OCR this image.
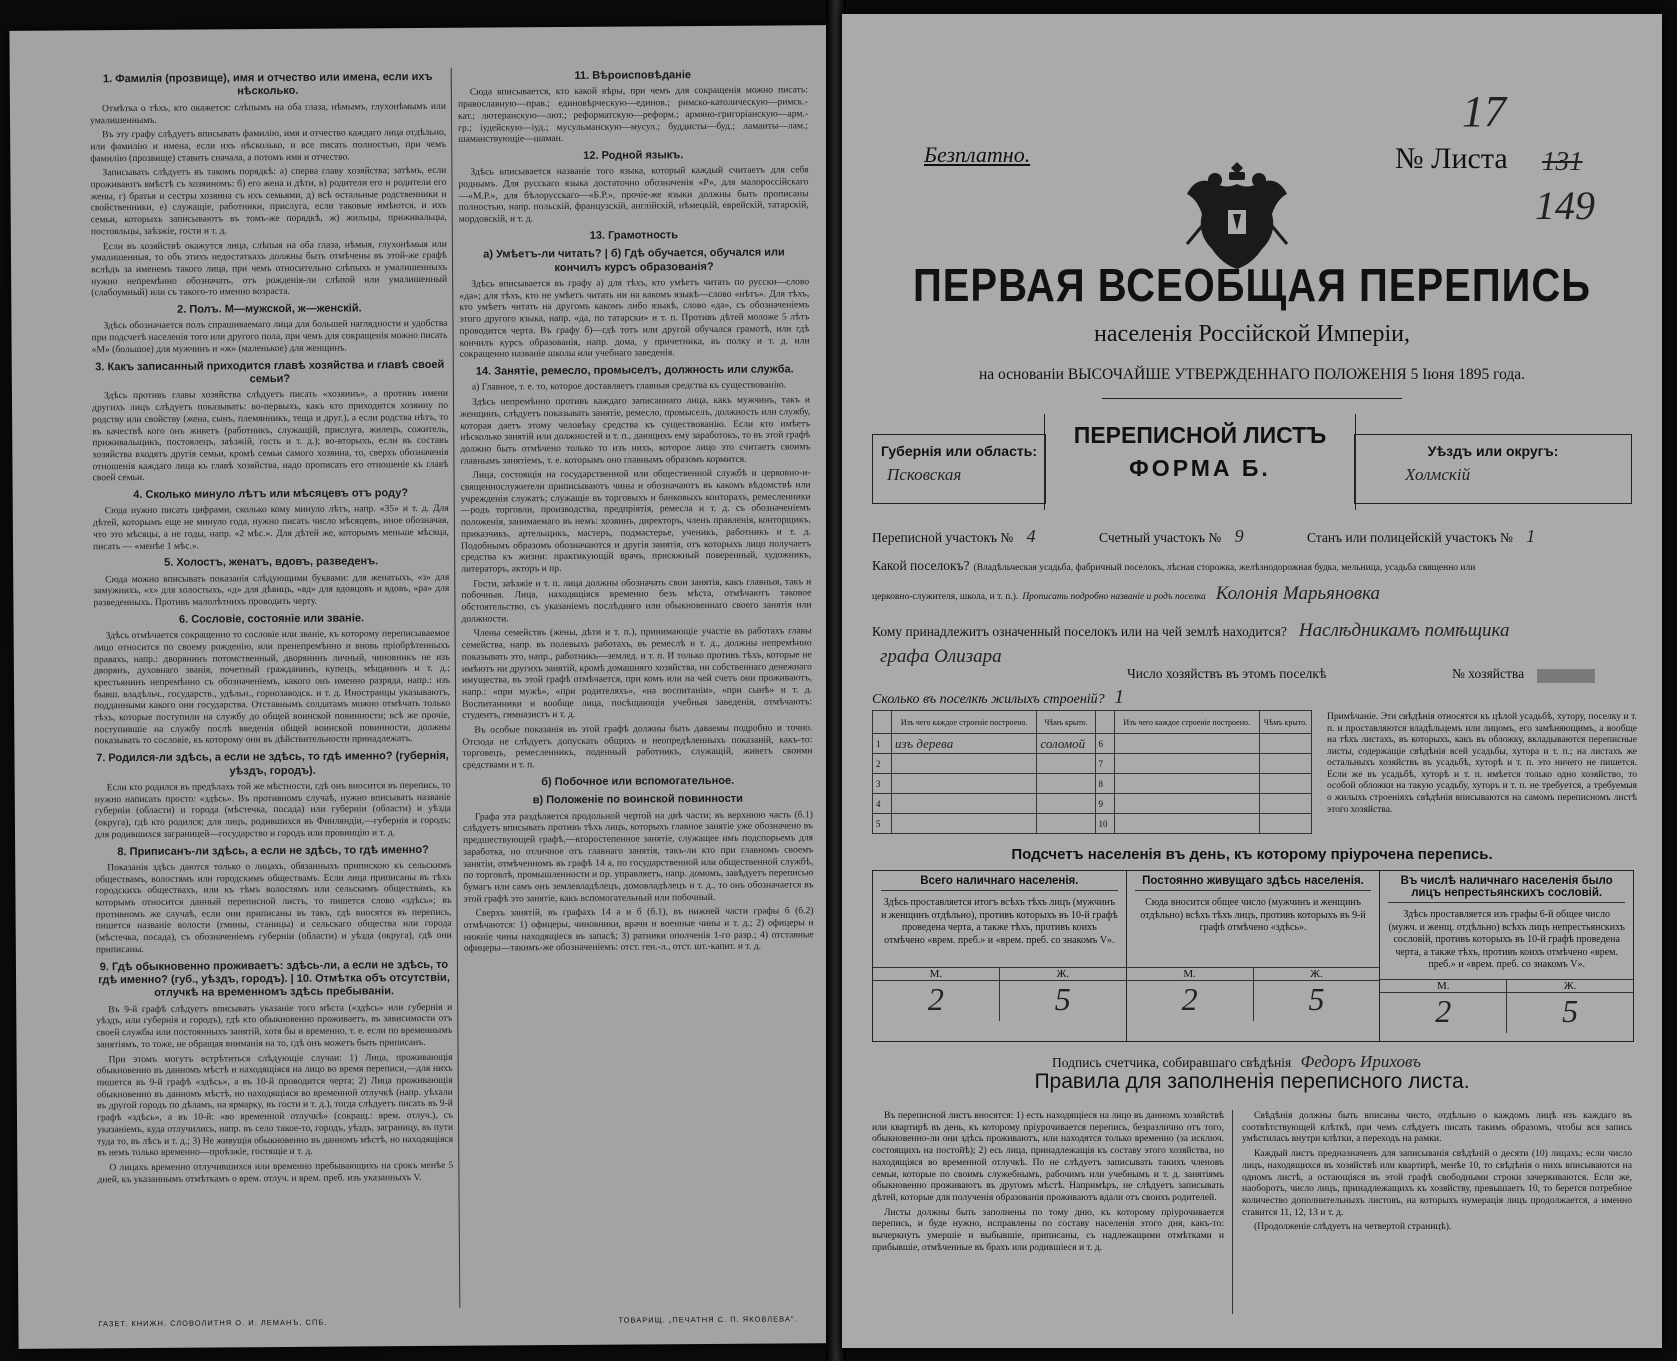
1. Фамилія (прозвище), имя и отчество или имена, если ихъ нѣсколько.

Отмѣтка о тѣхъ, кто окажется: слѣпымъ на оба глаза, нѣмымъ, глухонѣмымъ или умалишеннымъ.

Въ эту графу слѣдуетъ вписывать фамилію, имя и отчество каждаго лица отдѣльно, или фамилію и имена, если ихъ нѣсколько, и все писать полностью, при чемъ фамилію (прозвище) ставить сначала, а потомъ имя и отчество.

Записывать слѣдуетъ въ такомъ порядкѣ: а) сперва главу хозяйства; затѣмъ, если проживаютъ вмѣстѣ съ хозяиномъ: б) его жена и дѣти, в) родители его и родители его жены, г) братья и сестры хозяина съ ихъ семьями, д) всѣ остальные родственники и свойственники, е) служащіе, работники, прислуга, если таковые имѣются, и ихъ семьи, которыхъ записываютъ въ томъ-же порядкѣ, ж) жильцы, приживальцы, постояльцы, заѣзжіе, гости и т. д.

Если въ хозяйствѣ окажутся лица, слѣпыя на оба глаза, нѣмыя, глухонѣмыя или умалишенныя, то объ этихъ недостаткахъ должны быть отмѣчены въ этой-же графѣ вслѣдъ за именемъ такого лица, при чемъ относительно слѣпыхъ и умалишенныхъ нужно непремѣнно обозначать, отъ рожденія-ли слѣпой или умалишенный (слабоумный) или съ такого-то именно возраста.

2. Полъ. М—мужской, ж—женскій.

Здѣсь обозначается полъ спрашиваемаго лица для большей наглядности и удобства при подсчетѣ населенія того или другого пола, при чемъ для сокращенія можно писать «М» (большое) для мужчинъ и «ж» (маленькое) для женщинъ.

3. Какъ записанный приходится главѣ хозяйства и главѣ своей семьи?

Здѣсь противъ главы хозяйства слѣдуетъ писать «хозяинъ», а противъ имени другихъ лицъ слѣдуетъ показывать: во-первыхъ, какъ кто приходится хозяину по родству или свойству (жена, сынъ, племянникъ, теща и друг.), а если родства нѣтъ, то въ качествѣ кого онъ живетъ (работникъ, служащій, прислуга, жилецъ, сожитель, приживальщикъ, постоялецъ, заѣзжій, гость и т. д.); во-вторыхъ, если въ составъ хозяйства входятъ другія семьи, кромѣ семьи самого хозяина, то, сверхъ обозначенія отношенія каждаго лица къ главѣ хозяйства, надо прописать его отношеніе къ главѣ своей семьи.

4. Сколько минуло лѣтъ или мѣсяцевъ отъ роду?

Сюда нужно писать цифрами, сколько кому минуло лѣтъ, напр. «35» и т. д. Для дѣтей, которымъ еще не минуло года, нужно писать число мѣсяцевъ, иное обозначая, что это мѣсяцы, а не годы, напр. «2 мѣс.». Для дѣтей же, которымъ меньше мѣсяца, писать — «менѣе 1 мѣс.».

5. Холостъ, женатъ, вдовъ, разведенъ.

Сюда можно вписывать показанія слѣдующими буквами: для женатыхъ, «з» для замужнихъ, «х» для холостыхъ, «д» для дѣвицъ, «вд» для вдовцовъ и вдовъ, «ра» для разведенныхъ. Противъ малолѣтнихъ проводить черту.

6. Сословіе, состояніе или званіе.

Здѣсь отмѣчается сокращенно то сословіе или званіе, къ которому переписываемое лицо относится по своему рожденію, или пренепремѣнно и вновь пріобрѣтенныхъ правахъ, напр.: дворянинъ потомственный, дворянинъ личный, чиновникъ не изъ дворянъ, духовнаго званія, почетный гражданинъ, купецъ, мѣщанинъ и т. д.; крестьянинъ непремѣнно съ обозначеніемъ, какого онъ именно разряда, напр.: изъ бывш. владѣльч., государств., удѣльн., горнозаводск. и т. д. Иностранцы указываютъ, подданными какого они государства. Отставнымъ солдатамъ можно отмѣчать только тѣхъ, которые поступили на службу до общей воинской повинности; всѣ же прочіе, поступившіе на службу послѣ введенія общей воинской повинности, должны показывать то сословіе, къ которому они въ дѣйствительности принадлежатъ.

7. Родился-ли здѣсь, а если не здѣсь, то гдѣ именно? (губернія, уѣздъ, городъ).

Если кто родился въ предѣлахъ той же мѣстности, гдѣ онъ вносится въ перепись, то нужно написать просто: «здѣсь». Въ противномъ случаѣ, нужно вписывать названіе губерніи (области) и города (мѣстечка, посада) или губерніи (области) и уѣзда (округа), гдѣ кто родился; для лицъ, родившихся въ Финляндіи,—губернія и городъ; для родившихся заграницей—государство и городъ или провинцію и т. д.

8. Приписанъ-ли здѣсь, а если не здѣсь, то гдѣ именно?

Показанія здѣсь даются только о лицахъ, обязанныхъ припискою къ сельскимъ обществамъ, волостямъ или городскимъ обществамъ. Если лица приписаны въ тѣхъ городскихъ обществахъ, или къ тѣмъ волостямъ или сельскимъ обществамъ, къ которымъ относится данный переписной листъ, то пишется слово «здѣсь»; въ противномъ же случаѣ, если они приписаны въ такъ, гдѣ вносятся въ перепись, пишется названіе волости (гмины, станицы) и сельскаго общества или города (мѣстечка, посада), съ обозначеніемъ губерніи (области) и уѣзда (округа), гдѣ они приписаны.

9. Гдѣ обыкновенно проживаетъ: здѣсь-ли, а если не здѣсь, то гдѣ именно? (губ., уѣздъ, городъ). | 10. Отмѣтка объ отсутствіи, отлучкѣ на временномъ здѣсь пребываніи.

Въ 9-й графѣ слѣдуетъ вписывать указаніе того мѣста («здѣсь» или губернія и уѣздъ, или губернія и городъ), гдѣ кто обыкновенно проживаетъ, въ зависимости отъ своей службы или постоянныхъ занятій, хотя бы и временно, т. е. если по временнымъ занятіямъ, то тоже, не обращая вниманія на то, гдѣ онъ можетъ быть приписанъ.

При этомъ могутъ встрѣтиться слѣдующіе случаи: 1) Лица, проживающія обыкновенно въ данномъ мѣстѣ и находящіяся на лицо во время переписи,—для нихъ пишется въ 9-й графѣ «здѣсь», а въ 10-й проводится черта; 2) Лица проживающія обыкновенно въ данномъ мѣстѣ, но находящіяся во временной отлучкѣ (напр. уѣхали въ другой городъ по дѣламъ, на ярмарку, въ гости и т. д.), тогда слѣдуетъ писать въ 9-й графѣ «здѣсь», а въ 10-й: «во временной отлучкѣ» (сокращ.: врем. отлуч.), съ указаніемъ, куда отлучились, напр. въ село такое-то, городъ, уѣздъ, заграницу, въ пути туда то, въ лѣсъ и т. д.; 3) Не живущія обыкновенно въ данномъ мѣстѣ, но находящіяся въ немъ только временно—проѣзжіе, гостящіе и т. д.

О лицахъ временно отлучившихся или временно пребывающихъ на срокъ менѣе 5 дней, къ указаннымъ отмѣткамъ о врем. отлуч. и врем. преб. изъ указанныхъ V.

11. Вѣроисповѣданіе

Сюда вписывается, кто какой вѣры, при чемъ для сокращенія можно писать: православную—прав.; единовѣрческую—единов.; римско-католическую—римск.-кат.; лютеранскую—лют.; реформатскую—реформ.; армяно-григоріанскую—арм.-гр.; іудейскую—іуд.; мусульманскую—мусул.; буддисты—буд.; ламаиты—лам.; шаманствующіе—шаман.

12. Родной языкъ.

Здѣсь вписывается названіе того языка, который каждый считаетъ для себя роднымъ. Для русскаго языка достаточно обозначенія «Р», для малороссійскаго—«М.Р.», для бѣлорусскаго—«Б.Р.», прочіе-же языки должны быть прописаны полностью, напр. польскій, французскій, англійскій, нѣмецкій, еврейскій, татарскій, мордовскій, и т. д.

13. Грамотность
а) Умѣетъ-ли читать? | б) Гдѣ обучается, обучался или кончилъ курсъ образованія?

Здѣсь вписывается въ графу а) для тѣхъ, кто умѣетъ читать по русски—слово «да»; для тѣхъ, кто не умѣетъ читать ни на какомъ языкѣ—слово «нѣтъ». Для тѣхъ, кто умѣетъ читать на другомъ какомъ либо языкѣ, слово «да», съ обозначеніемъ этого другого языка, напр. «да, по татарски» и т. п. Противъ дѣтей моложе 5 лѣтъ проводится черта. Въ графу б)—гдѣ тотъ или другой обучался грамотѣ, или гдѣ кончилъ курсъ образованія, напр. дома, у причетника, въ полку и т. д. или сокращенно названіе школы или учебнаго заведенія.

14. Занятіе, ремесло, промыселъ, должность или служба.

а) Главное, т. е. то, которое доставляетъ главныя средства къ существованію.

Здѣсь непремѣнно противъ каждаго записаннаго лица, какъ мужчинъ, такъ и женщинъ, слѣдуетъ показывать занятіе, ремесло, промыселъ, должность или службу, которая даетъ этому человѣку средства къ существованію. Если кто имѣетъ нѣсколько занятій или должностей и т. п., дающихъ ему заработокъ, то въ этой графѣ должно быть отмѣчено только то изъ нихъ, которое лицо это считаетъ своимъ главнымъ занятіемъ, т. е. которымъ оно главнымъ образомъ кормится.

Лица, состоящія на государственной или общественной службѣ и церковно-и-священнослужители приписываютъ чины и обозначаютъ въ какомъ вѣдомствѣ или учрежденіи служатъ; служащіе въ торговыхъ и банковыхъ конторахъ, ремесленники—родъ торговли, производства, предпріятія, ремесла и т. д. съ обозначеніемъ положенія, занимаемаго въ немъ: хозяинъ, директоръ, членъ правленія, конторщикъ, приказчикъ, артельщикъ, мастеръ, подмастерье, ученикъ, работникъ и т. д. Подобнымъ образомъ обозначаются и другія занятія, отъ которыхъ лицо получаетъ средства къ жизни: практикующій врачъ, присяжный поверенный, художникъ, литераторъ, акторъ и пр.

Гости, заѣзжіе и т. п. лица должны обозначать свои занятія, какъ главныя, такъ и побочныя. Лица, находящіяся временно безъ мѣста, отмѣчаютъ таковое обстоятельство, съ указаніемъ послѣдняго или обыкновеннаго своего занятія или должности.

Члены семействъ (жены, дѣти и т. п.), принимающіе участіе въ работахъ главы семейства, напр. въ полевыхъ работахъ, въ ремеслѣ и т. д., должны непремѣнно показывать это, напр., работникъ—землед. и т. п. И только противъ тѣхъ, которые не имѣютъ ни другихъ занятій, кромѣ домашняго хозяйства, ни собственнаго денежнаго имущества, въ этой графѣ отмѣчается, при комъ или на чей счетъ они проживаютъ, напр.: «при мужѣ», «при родителяхъ», «на воспитаніи», «при сынѣ» и т. д. Воспитанники и вообще лица, посѣщающія учебныя заведенія, отмѣчаютъ: студентъ, гимназистъ и т. д.

Въ особые показанія въ этой графѣ должны быть даваемы подробно и точно. Отсюда не слѣдуетъ допускать общихъ и неопредѣленныхъ показаній, какъ-то: торговецъ, ремесленникъ, поденный работникъ, служащій, живетъ своими средствами и т. п.

б) Побочное или вспомогательное.
в) Положеніе по воинской повинности

Графа эта раздѣляется продольной чертой на двѣ части; въ верхнюю часть (б.1) слѣдуетъ вписывать противъ тѣхъ лицъ, которыхъ главное занятіе уже обозначено въ предшествующей графѣ,—второстепенное занятіе, служащее имъ подспорьемъ для заработка, но отличное отъ главнаго занятія, такъ-ли кто при главномъ своемъ занятіи, отмѣченномъ въ графѣ 14 а, по государственной или общественной службѣ, по торговлѣ, промышленности и пр. управляетъ, напр. домомъ, завѣдуетъ переписью бумагъ или самъ онъ землевладѣлецъ, домовладѣлецъ и т. д., то онъ обозначается въ этой графѣ это занятіе, какъ вспомогательный или побочный.

Сверхъ занятій, въ графахъ 14 а и б (б.1), въ нижней части графы б (б.2) отмѣчаются: 1) офицеры, чиновники, врачи и военные чины и т. д.; 2) офицеры и нижніе чины находящіеся въ запасѣ; 3) ратники ополченія 1-го разр.; 4) отставные офицеры—такимъ-же обозначеніемъ: отст. ген.-л., отст. шт.-капит. и т. д.

ГАЗЕТ. КНИЖН. СЛОВОЛИТНЯ О. И. ЛЕМАНЪ, СПБ.	ТОВАРИЩ. „ПЕЧАТНЯ С. П. ЯКОВЛЕВА".
17
Безплатно.	№ Листа 131
149
ПЕРВАЯ ВСЕОБЩАЯ ПЕРЕПИСЬ
населенія Россійской Имперіи,
на основаніи ВЫСОЧАЙШЕ УТВЕРЖДЕННАГО ПОЛОЖЕНІЯ 5 Іюня 1895 года.
Губернія или область:
Псковская
ПЕРЕПИСНОЙ ЛИСТЪ
ФОРМА Б.
Уѣздъ или округъ:
Холмскій
Переписной участокъ № 4	Счетный участокъ № 9	Станъ или полицейскій участокъ № 1
Какой поселокъ? (Владѣльческая усадьба, фабричный поселокъ, лѣсная сторожка, желѣзнодорожная будка, мельница, усадьба священно или
церковно-служителя, школа, и т. п.). Прописать подробно названіе и родъ поселка Колонія Марьяновка
Кому принадлежитъ означенный поселокъ или на чей землѣ находится? Наслѣдникамъ помѣщика
графа Олизара
Число хозяйствъ въ этомъ поселкѣ	№ хозяйства
Сколько въ поселкѣ жилыхъ строеній? 1
	Изъ чего каждое строеніе построено.	Чѣмъ крыто.		Изъ чего каждое строеніе построено.	Чѣмъ крыто.
1	изъ дерева	соломой	6		
2			7		
3			8		
4			9		
5			10		
Примѣчаніе. Эти свѣдѣнія относятся къ цѣлой усадьбѣ, хутору, поселку и т. п. и проставляются владѣльцемъ или лицомъ, его замѣняющимъ, а вообще на тѣхъ листахъ, въ которыхъ, какъ въ обложку, вкладываются переписные листы, содержащіе свѣдѣнія всей усадьбы, хутора и т. п.; на листахъ же остальныхъ хозяйствъ въ усадьбѣ, хуторѣ и т. п. это ничего не пишется. Если же въ усадьбѣ, хуторѣ и т. п. имѣется только одно хозяйство, то особой обложки на такую усадьбу, хуторъ и т. п. не требуется, а требуемыя о жилыхъ строеніяхъ свѣдѣнія вписываются на самомъ переписномъ листѣ этого хозяйства.
Подсчетъ населенія въ день, къ которому пріурочена перепись.
Всего наличнаго населенія.
Здѣсь проставляется итогъ всѣхъ тѣхъ лицъ (мужчинъ и женщинъ отдѣльно), противъ которыхъ въ 10-й графѣ проведена черта, а также тѣхъ, противъ коихъ отмѣчено «врем. преб.» и «врем. преб. со знакомъ V».
М.	Ж.
2	5
Постоянно живущаго здѣсь населенія.
Сюда вносится общее число (мужчинъ и женщинъ отдѣльно) всѣхъ тѣхъ лицъ, противъ которыхъ въ 9-й графѣ отмѣчено «здѣсь».
М.	Ж.
2	5
Въ числѣ наличнаго населенія было лицъ непрестьянскихъ сословій.
Здѣсь проставляется изъ графы 6-й общее число (мужч. и женщ. отдѣльно) всѣхъ лицъ непрестьянскихъ сословій, противъ которыхъ въ 10-й графѣ проведена черта, а также тѣхъ, противъ коихъ отмѣчено «врем. преб.» и «врем. преб. со знакомъ V».
М.	Ж.
2	5
Подпись счетчика, собиравшаго свѣдѣнія Федоръ Ириховъ
Правила для заполненія переписного листа.

Въ переписной листъ вносятся: 1) есть находящіеся на лицо въ данномъ хозяйствѣ или квартирѣ въ день, къ которому пріурочивается перепись, безразлично отъ того, обыкновенно-ли они здѣсь проживаютъ, или находятся только временно (за исключ. состоящихъ на постойѣ); 2) есь лица, принадлежащія къ составу этого хозяйства, но находящіяся во временной отлучкѣ. По не слѣдуетъ записывать такихъ членовъ семьи, которые по своимъ служебнымъ, рабочимъ или учебнымъ и т. д. занятіямъ обыкновенно проживаютъ въ другомъ мѣстѣ. Напримѣръ, не слѣдуетъ записывать дѣтей, которые для полученія образованія проживаютъ вдали отъ своихъ родителей.

Листы должны быть заполнены по тому дню, къ которому пріурочивается перепись, и буде нужно, исправлены по составу населенія этого дня, какъ-то: вычеркнуть умершіе и выбывшіе, приписаны, съ надлежащими отмѣтками и прибывшіе, отмѣченные въ брахъ или родившіеся и т. д.

Свѣдѣнія должны быть вписаны чисто, отдѣльно о каждомъ лицѣ изъ каждаго въ соотвѣтствующей клѣткѣ, при чемъ слѣдуетъ писать такимъ образомъ, чтобы вся запись умѣстилась внутри клѣтки, а переходъ на рамки.

Каждый листъ предназначенъ для записыванія свѣдѣній о десяти (10) лицахъ; если число лицъ, находящихся въ хозяйствѣ или квартирѣ, менѣе 10, то свѣдѣнія о нихъ вписываются на одномъ листѣ, а остающіяся въ этой графѣ свободными строки зачеркиваются. Если же, наоборотъ, число лицъ, принадлежащихъ къ хозяйству, превышаетъ 10, то берется потребное количество дополнительныхъ листовъ, на которыхъ нумерація лицъ продолжается, а именно ставится 11, 12, 13 и т. д.

(Продолженіе слѣдуетъ на четвертой страницѣ).
